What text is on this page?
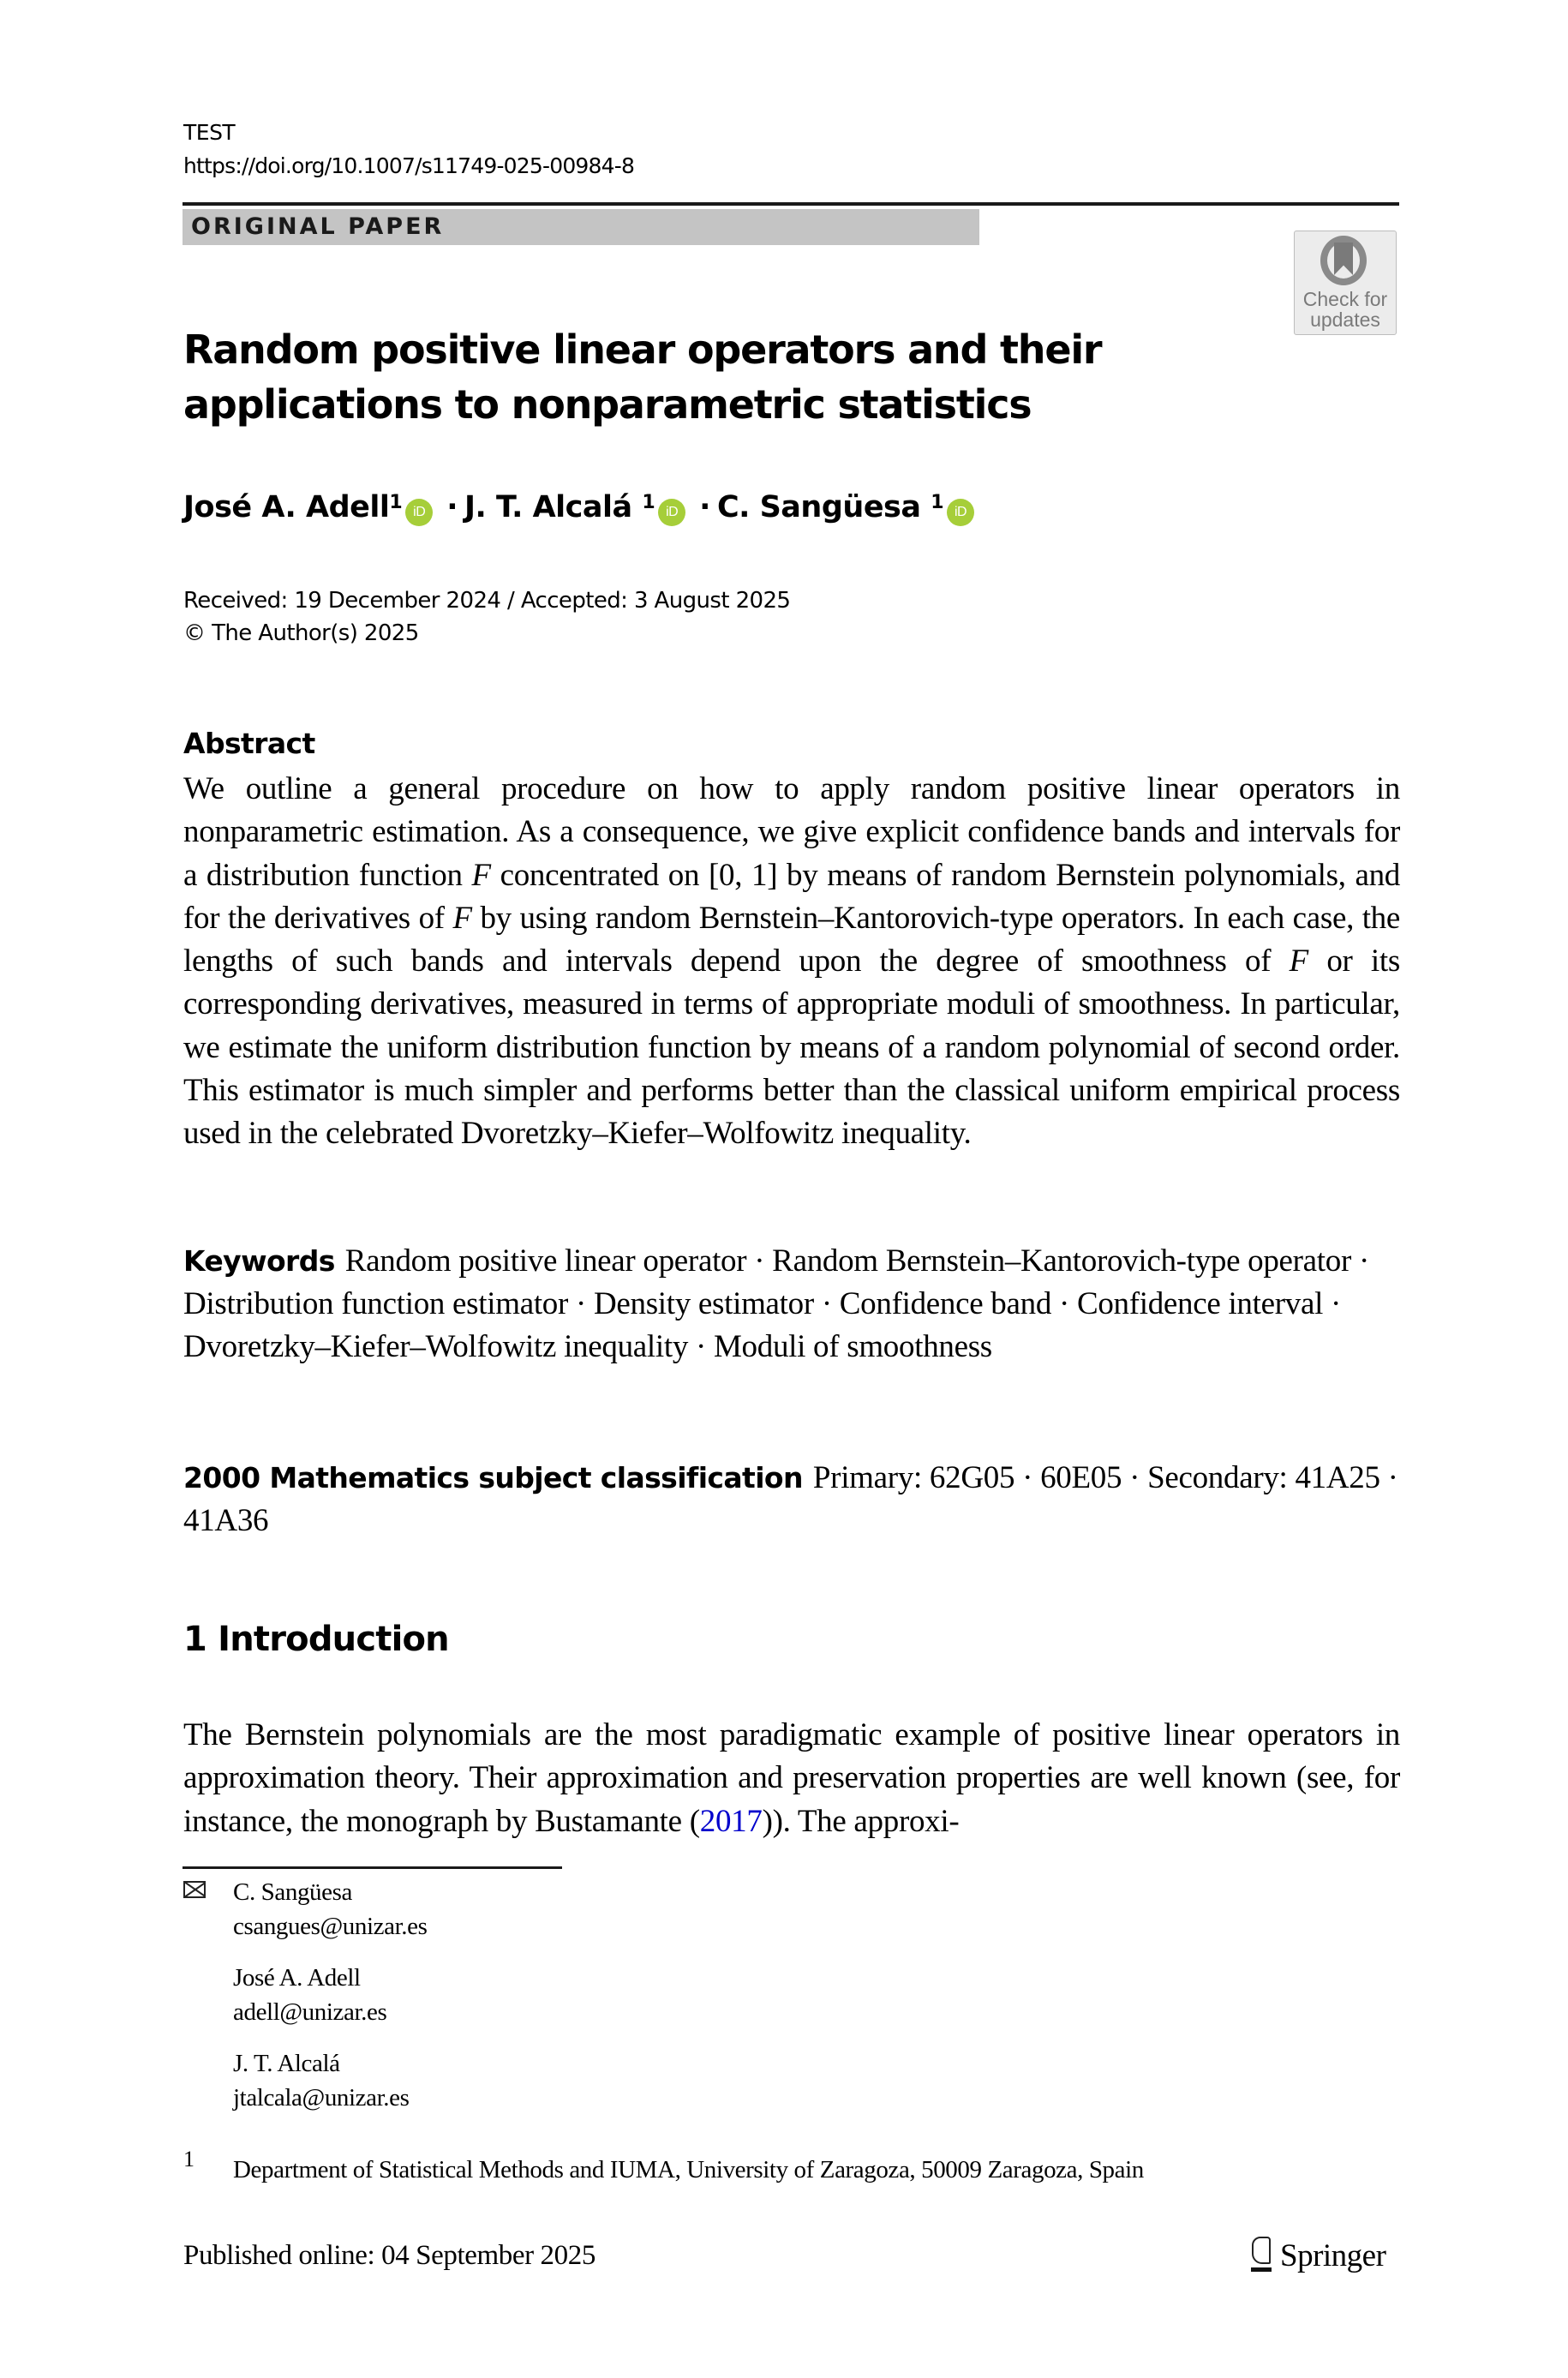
TEST
https://doi.org/10.1007/s11749-025-00984-8
ORIGINAL PAPER
Check for
updates
Random positive linear operators and their applications to nonparametric statistics
José A. Adell$^1$ iD · J. T. Alcalá
$^1$ iD · C. Sangüesa
$^1$ iD
Received: 19 December 2024 / Accepted: 3 August 2025
© The Author(s) 2025
Abstract
We outline a general procedure on how to apply random positive linear operators in nonparametric estimation. As a consequence, we give explicit confidence bands and intervals for a distribution function F concentrated on [0, 1] by means of random Bernstein polynomials, and for the derivatives of F by using random Bernstein–Kantorovich-type operators. In each case, the lengths of such bands and intervals depend upon the degree of smoothness of F or its corresponding derivatives, measured in terms of appropriate moduli of smoothness. In particular, we estimate the uniform distribution function by means of a random polynomial of second order. This estimator is much simpler and performs better than the classical uniform empirical process used in the celebrated Dvoretzky–Kiefer–Wolfowitz inequality.
Keywords Random positive linear operator · Random Bernstein–Kantorovich-type operator · Distribution function estimator · Density estimator · Confidence band · Confidence interval · Dvoretzky–Kiefer–Wolfowitz inequality · Moduli of smoothness
2000 Mathematics subject classification Primary: 62G05 · 60E05 · Secondary: 41A25 · 41A36
1 Introduction
The Bernstein polynomials are the most paradigmatic example of positive linear operators in approximation theory. Their approximation and preservation properties are well known (see, for instance, the monograph by Bustamante (2017)). The approxi-
C. Sangüesa
csangues@unizar.es
José A. Adell
adell@unizar.es
J. T. Alcalá
jtalcala@unizar.es
1 Department of Statistical Methods and IUMA, University of Zaragoza, 50009 Zaragoza, Spain
Published online: 04 September 2025	Springer
